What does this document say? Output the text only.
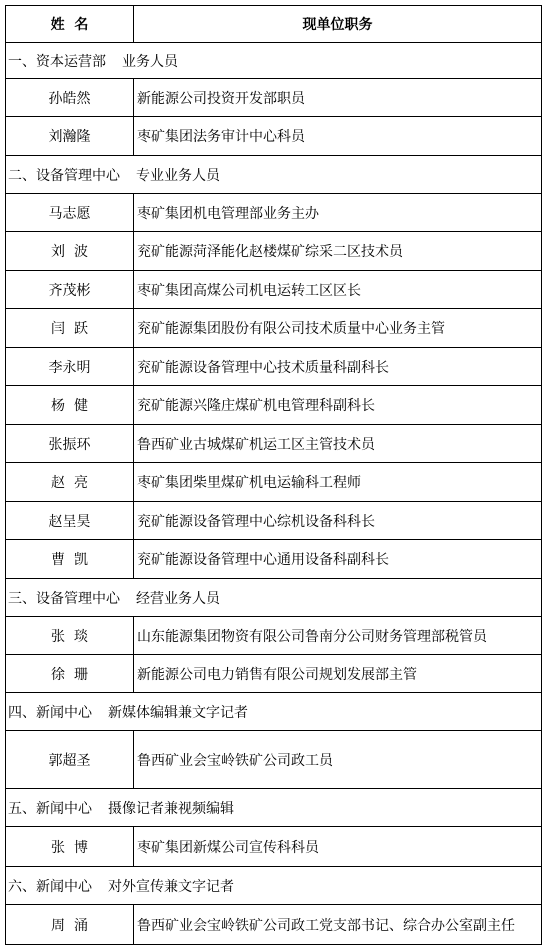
姓  名	现单位职务
一、资本运营部 业务人员	
孙皓然	新能源公司投资开发部职员
刘瀚隆	枣矿集团法务审计中心科员
二、设备管理中心 专业业务人员	
马志愿	枣矿集团机电管理部业务主办
刘  波	兖矿能源菏泽能化赵楼煤矿综采二区技术员
齐茂彬	枣矿集团高煤公司机电运转工区区长
闫  跃	兖矿能源集团股份有限公司技术质量中心业务主管
李永明	兖矿能源设备管理中心技术质量科副科长
杨  健	兖矿能源兴隆庄煤矿机电管理科副科长
张振环	鲁西矿业古城煤矿机运工区主管技术员
赵  亮	枣矿集团柴里煤矿机电运输科工程师
赵呈昊	兖矿能源设备管理中心综机设备科科长
曹  凯	兖矿能源设备管理中心通用设备科副科长
三、设备管理中心 经营业务人员	
张  琰	山东能源集团物资有限公司鲁南分公司财务管理部税管员
徐  珊	新能源公司电力销售有限公司规划发展部主管
四、新闻中心 新媒体编辑兼文字记者	
郭超圣	鲁西矿业会宝岭铁矿公司政工员
五、新闻中心 摄像记者兼视频编辑	
张  博	枣矿集团新煤公司宣传科科员
六、新闻中心 对外宣传兼文字记者	
周  涌	鲁西矿业会宝岭铁矿公司政工党支部书记、综合办公室副主任
